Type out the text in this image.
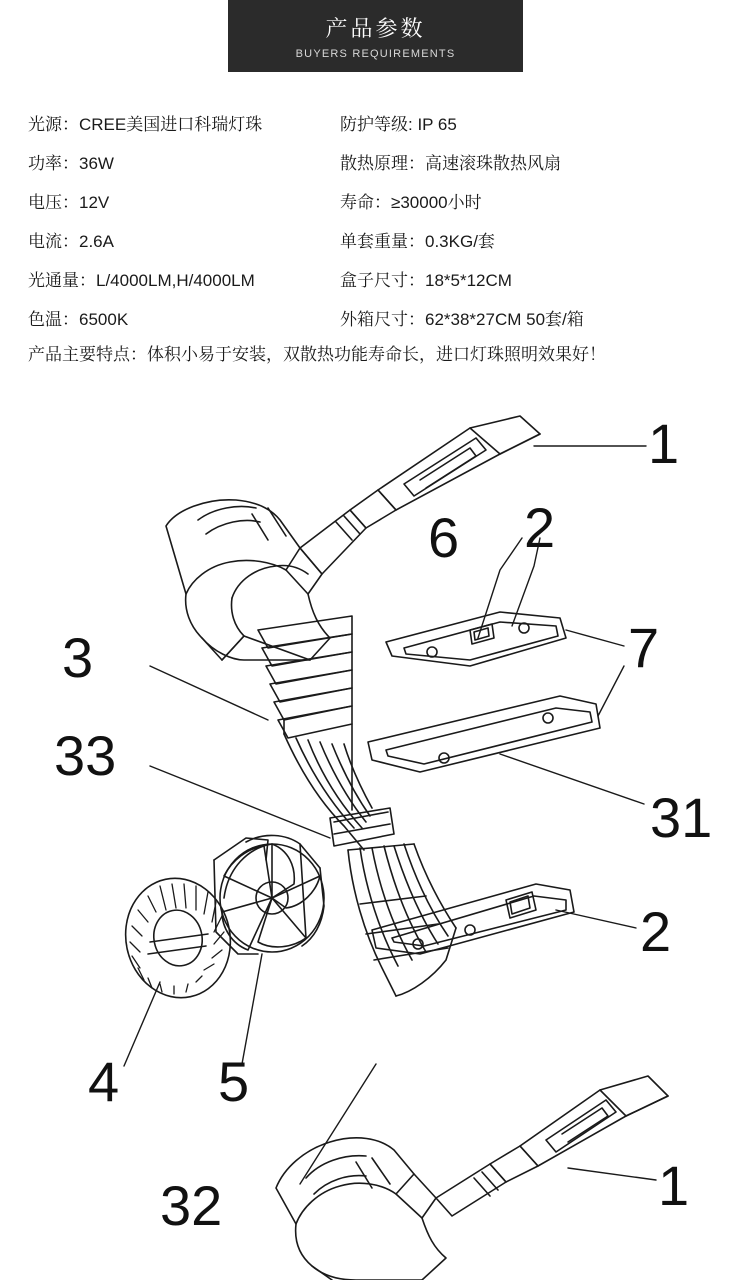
产品参数
BUYERS REQUIREMENTS
光源：CREE美国进口科瑞灯珠	防护等级: IP 65
功率：36W	散热原理：高速滚珠散热风扇
电压：12V	寿命：≥30000小时
电流：2.6A	单套重量：0.3KG/套
光通量：L/4000LM,H/4000LM	盒子尺寸：18*5*12CM
色温：6500K	外箱尺寸：62*38*27CM 50套/箱
产品主要特点：体积小易于安装，双散热功能寿命长，进口灯珠照明效果好！
1
6 2
7
3
33
31
2
4 5
32	1
